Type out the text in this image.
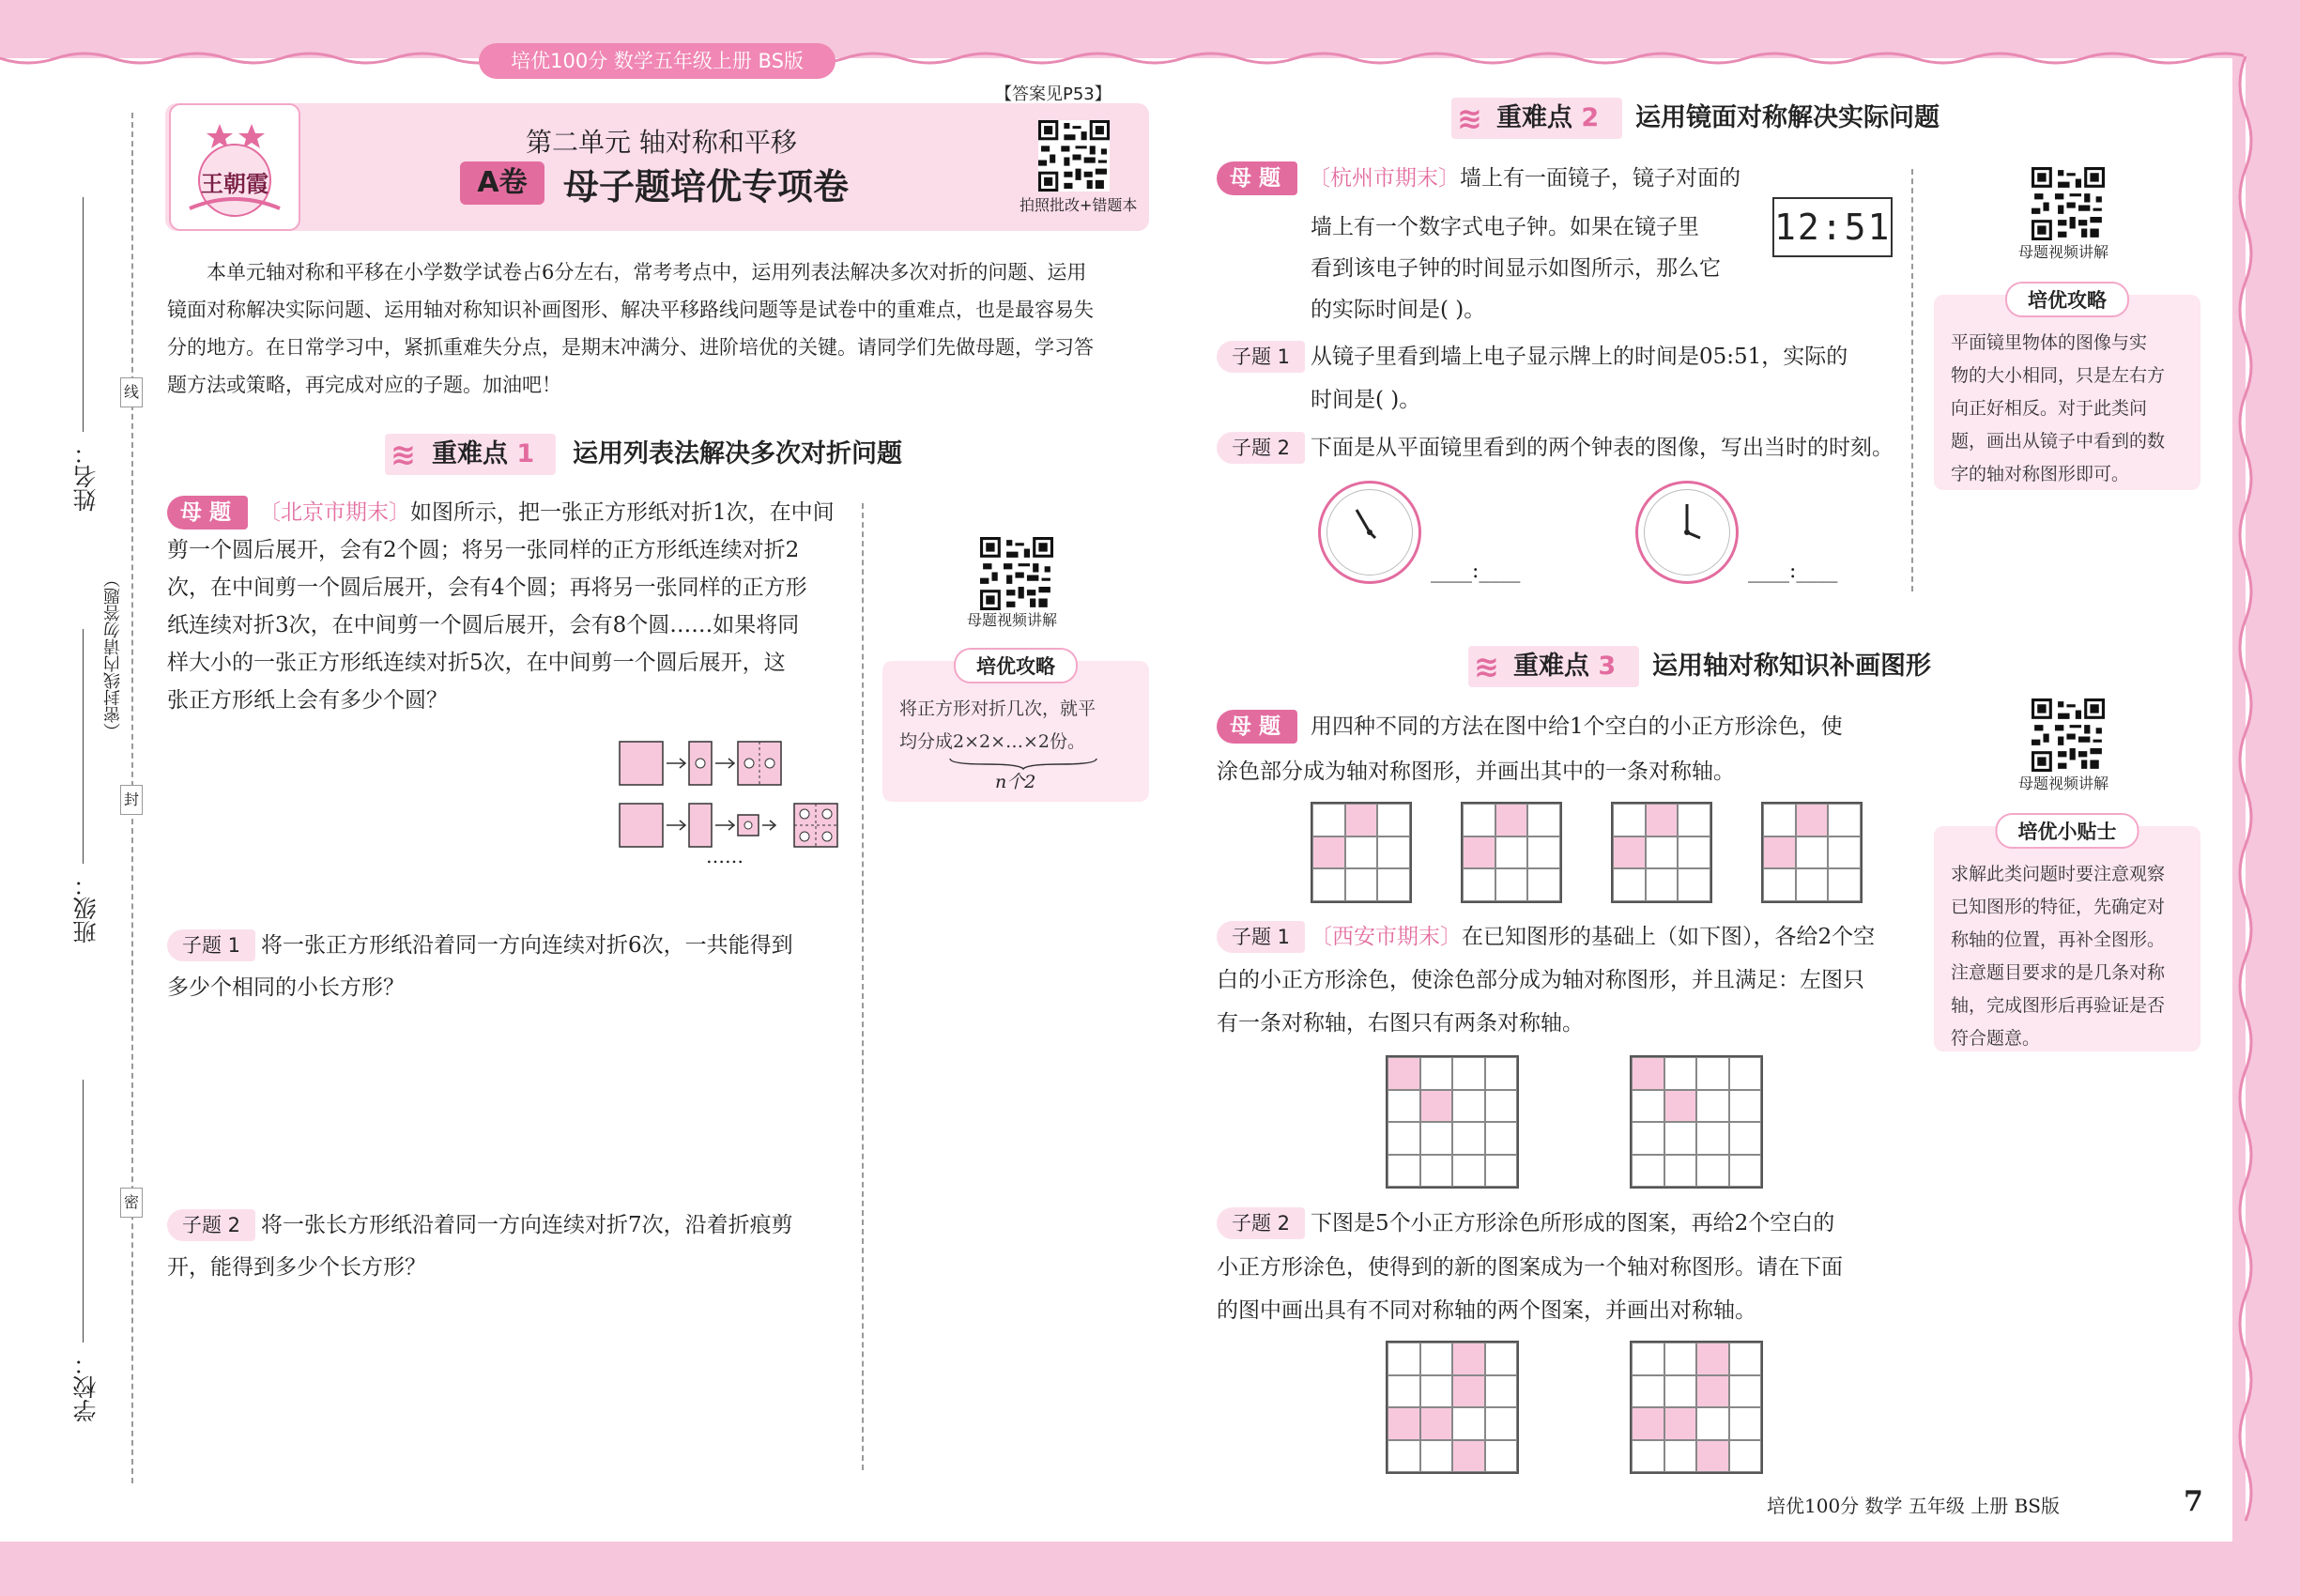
培优100分 数学五年级上册 BS版
姓名：
班级：
学校：
线
封
密
（密封线内请勿答题）
【答案见P53】
王朝霞
第二单元 轴对称和平移
A卷	母子题培优专项卷	拍照批改+错题本
本单元轴对称和平移在小学数学试卷占6分左右，常考考点中，运用列表法解决多次对折的问题、运用
镜面对称解决实际问题、运用轴对称知识补画图形、解决平移路线问题等是试卷中的重难点，也是最容易失
分的地方。在日常学习中，紧抓重难失分点，是期末冲满分、进阶培优的关键。请同学们先做母题，学习答
题方法或策略，再完成对应的子题。加油吧！
≋ 重难点 1 运用列表法解决多次对折问题
母 题	〔北京市期末〕如图所示，把一张正方形纸对折1次，在中间
剪一个圆后展开，会有2个圆；将另一张同样的正方形纸连续对折2
次，在中间剪一个圆后展开，会有4个圆；再将另一张同样的正方形
纸连续对折3次，在中间剪一个圆后展开，会有8个圆……如果将同
样大小的一张正方形纸连续对折5次，在中间剪一个圆后展开，这
张正方形纸上会有多少个圆？
……
母题视频讲解
培优攻略
将正方形对折几次，就平
均分成2×2×…×2份。
n个2
子题 1 将一张正方形纸沿着同一方向连续对折6次，一共能得到
多少个相同的小长方形？
子题 2 将一张长方形纸沿着同一方向连续对折7次，沿着折痕剪
开，能得到多少个长方形？
≋ 重难点 2 运用镜面对称解决实际问题
母 题	〔杭州市期末〕墙上有一面镜子，镜子对面的
墙上有一个数字式电子钟。如果在镜子里
看到该电子钟的时间显示如图所示，那么它
的实际时间是( )。
12:51
子题 1 从镜子里看到墙上电子显示牌上的时间是05:51，实际的
时间是( )。
子题 2 下面是从平面镜里看到的两个钟表的图像，写出当时的时刻。
____:____	____:____
母题视频讲解
培优攻略
平面镜里物体的图像与实
物的大小相同，只是左右方
向正好相反。对于此类问
题，画出从镜子中看到的数
字的轴对称图形即可。
≋ 重难点 3 运用轴对称知识补画图形
母 题	用四种不同的方法在图中给1个空白的小正方形涂色，使
涂色部分成为轴对称图形，并画出其中的一条对称轴。
子题 1 〔西安市期末〕在已知图形的基础上（如下图），各给2个空
白的小正方形涂色，使涂色部分成为轴对称图形，并且满足：左图只
有一条对称轴，右图只有两条对称轴。
子题 2 下图是5个小正方形涂色所形成的图案，再给2个空白的
小正方形涂色，使得到的新的图案成为一个轴对称图形。请在下面
的图中画出具有不同对称轴的两个图案，并画出对称轴。
母题视频讲解
培优小贴士
求解此类问题时要注意观察
已知图形的特征，先确定对
称轴的位置，再补全图形。
注意题目要求的是几条对称
轴，完成图形后再验证是否
符合题意。
培优100分 数学 五年级 上册 BS版	7
